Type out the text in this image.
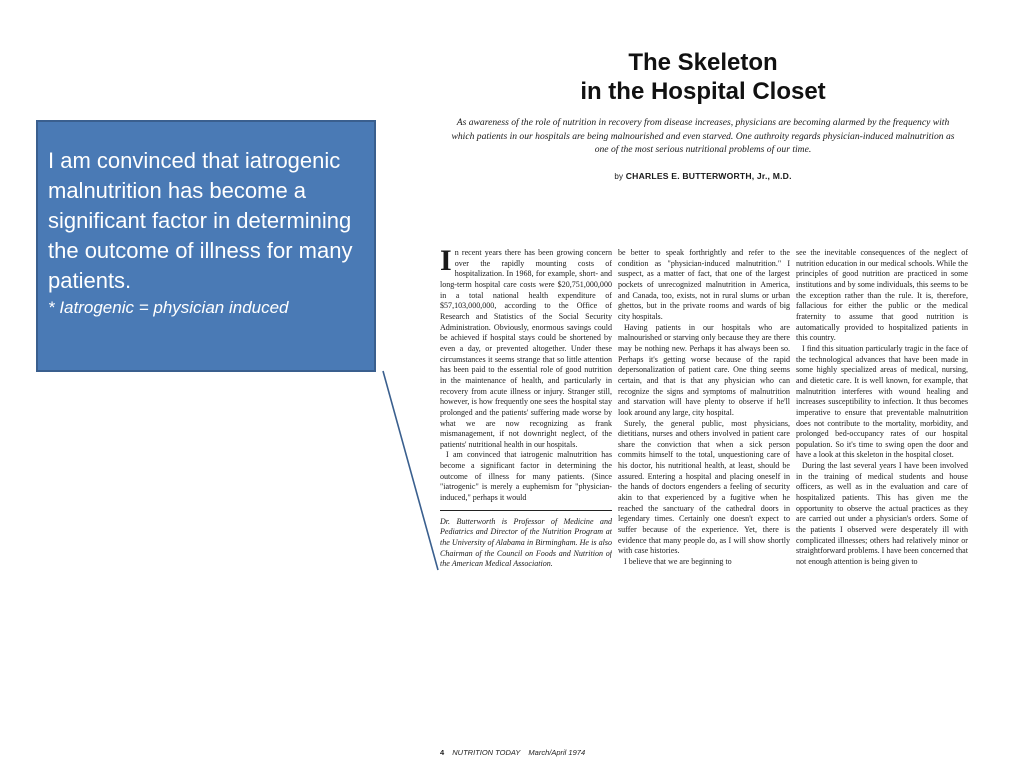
I am convinced that iatrogenic malnutrition has become a significant factor in determining the outcome of illness for many patients.
* Iatrogenic = physician induced
The Skeleton
in the Hospital Closet
As awareness of the role of nutrition in recovery from disease increases, physicians are becoming alarmed by the frequency with which patients in our hospitals are being malnourished and even starved. One authroity regards physician-induced malnutrition as one of the most serious nutritional problems of our time.
by CHARLES E. BUTTERWORTH, Jr., M.D.

In recent years there has been growing concern over the rapidly mounting costs of hospitalization. In 1968, for example, short- and long-term hospital care costs were $20,751,000,000 in a total national health expenditure of $57,103,000,000, according to the Office of Research and Statistics of the Social Security Administration. Obviously, enormous savings could be achieved if hospital stays could be shortened by even a day, or prevented altogether. Under these circumstances it seems strange that so little attention has been paid to the essential role of good nutrition in the maintenance of health, and particularly in recovery from acute illness or injury. Stranger still, however, is how frequently one sees the hospital stay prolonged and the patients' suffering made worse by what we are now recognizing as frank mismanagement, if not downright neglect, of the patients' nutritional health in our hospitals.

I am convinced that iatrogenic malnutrition has become a significant factor in determining the outcome of illness for many patients. (Since "iatrogenic" is merely a euphemism for "physician-induced," perhaps it would

Dr. Butterworth is Professor of Medicine and Pediatrics and Director of the Nutrition Program at the University of Alabama in Birmingham. He is also Chairman of the Council on Foods and Nutrition of the American Medical Association.

be better to speak forthrightly and refer to the condition as "physician-induced malnutrition." I suspect, as a matter of fact, that one of the largest pockets of unrecognized malnutrition in America, and Canada, too, exists, not in rural slums or urban ghettos, but in the private rooms and wards of big city hospitals.

Having patients in our hospitals who are malnourished or starving only because they are there may be nothing new. Perhaps it has always been so. Perhaps it's getting worse because of the rapid depersonalization of patient care. One thing seems certain, and that is that any physician who can recognize the signs and symptoms of malnutrition and starvation will have plenty to observe if he'll look around any large, city hospital.

Surely, the general public, most physicians, dietitians, nurses and others involved in patient care share the conviction that when a sick person commits himself to the total, unquestioning care of his doctor, his nutritional health, at least, should be assured. Entering a hospital and placing oneself in the hands of doctors engenders a feeling of security akin to that experienced by a fugitive when he reached the sanctuary of the cathedral doors in legendary times. Certainly one doesn't expect to suffer because of the experience. Yet, there is evidence that many people do, as I will show shortly with case histories.

I believe that we are beginning to

see the inevitable consequences of the neglect of nutrition education in our medical schools. While the principles of good nutrition are practiced in some institutions and by some individuals, this seems to be the exception rather than the rule. It is, therefore, fallacious for either the public or the medical fraternity to assume that good nutrition is automatically provided to hospitalized patients in this country.

I find this situation particularly tragic in the face of the technological advances that have been made in some highly specialized areas of medical, nursing, and dietetic care. It is well known, for example, that malnutrition interferes with wound healing and increases susceptibility to infection. It thus becomes imperative to ensure that preventable malnutrition does not contribute to the mortality, morbidity, and prolonged bed-occupancy rates of our hospital population. So it's time to swing open the door and have a look at this skeleton in the hospital closet.

During the last several years I have been involved in the training of medical students and house officers, as well as in the evaluation and care of hospitalized patients. This has given me the opportunity to observe the actual practices as they are carried out under a physician's orders. Some of the patients I observed were desperately ill with complicated illnesses; others had relatively minor or straightforward problems. I have been concerned that not enough attention is being given to

4 NUTRITION TODAY March/April 1974
